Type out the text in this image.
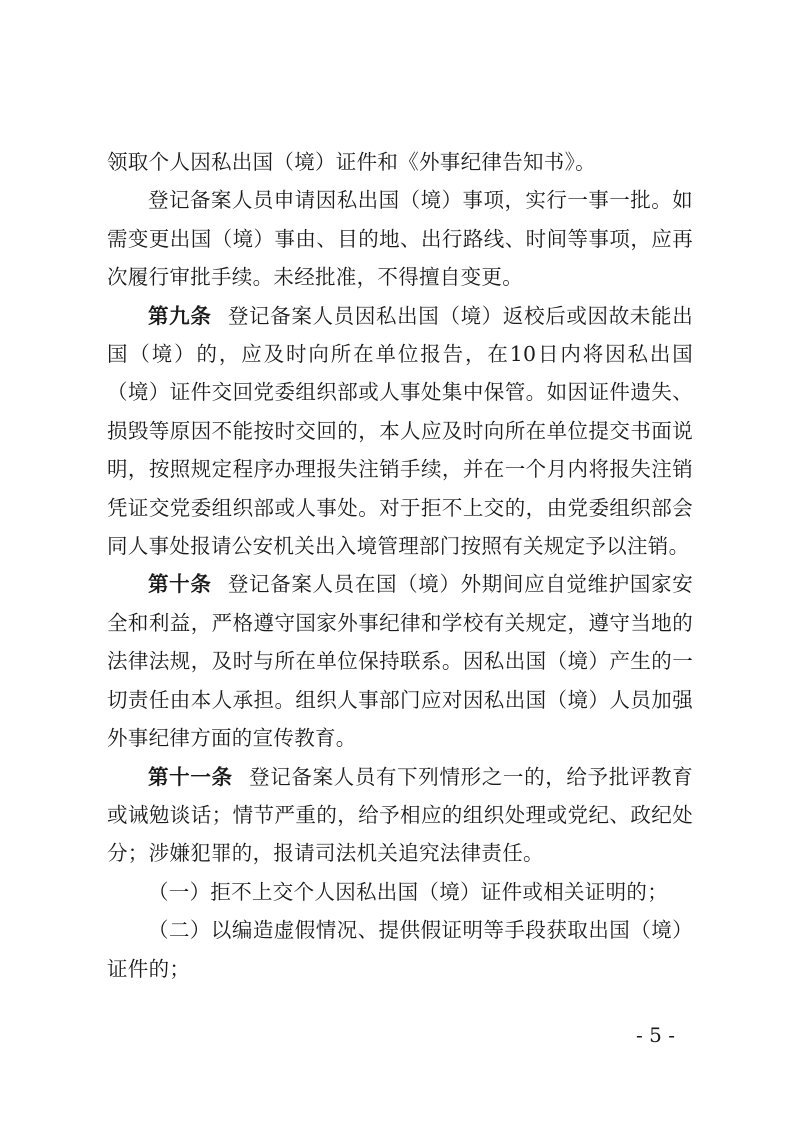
领取个人因私出国（境）证件和《外事纪律告知书》。

登记备案人员申请因私出国（境）事项，实行一事一批。如需变更出国（境）事由、目的地、出行路线、时间等事项，应再次履行审批手续。未经批准，不得擅自变更。

第九条 登记备案人员因私出国（境）返校后或因故未能出国（境）的，应及时向所在单位报告，在10日内将因私出国（境）证件交回党委组织部或人事处集中保管。如因证件遗失、损毁等原因不能按时交回的，本人应及时向所在单位提交书面说明，按照规定程序办理报失注销手续，并在一个月内将报失注销凭证交党委组织部或人事处。对于拒不上交的，由党委组织部会同人事处报请公安机关出入境管理部门按照有关规定予以注销。

第十条 登记备案人员在国（境）外期间应自觉维护国家安全和利益，严格遵守国家外事纪律和学校有关规定，遵守当地的法律法规，及时与所在单位保持联系。因私出国（境）产生的一切责任由本人承担。组织人事部门应对因私出国（境）人员加强外事纪律方面的宣传教育。

第十一条 登记备案人员有下列情形之一的，给予批评教育或诫勉谈话；情节严重的，给予相应的组织处理或党纪、政纪处分；涉嫌犯罪的，报请司法机关追究法律责任。

（一）拒不上交个人因私出国（境）证件或相关证明的；

（二）以编造虚假情况、提供假证明等手段获取出国（境）证件的；

- 5 -
